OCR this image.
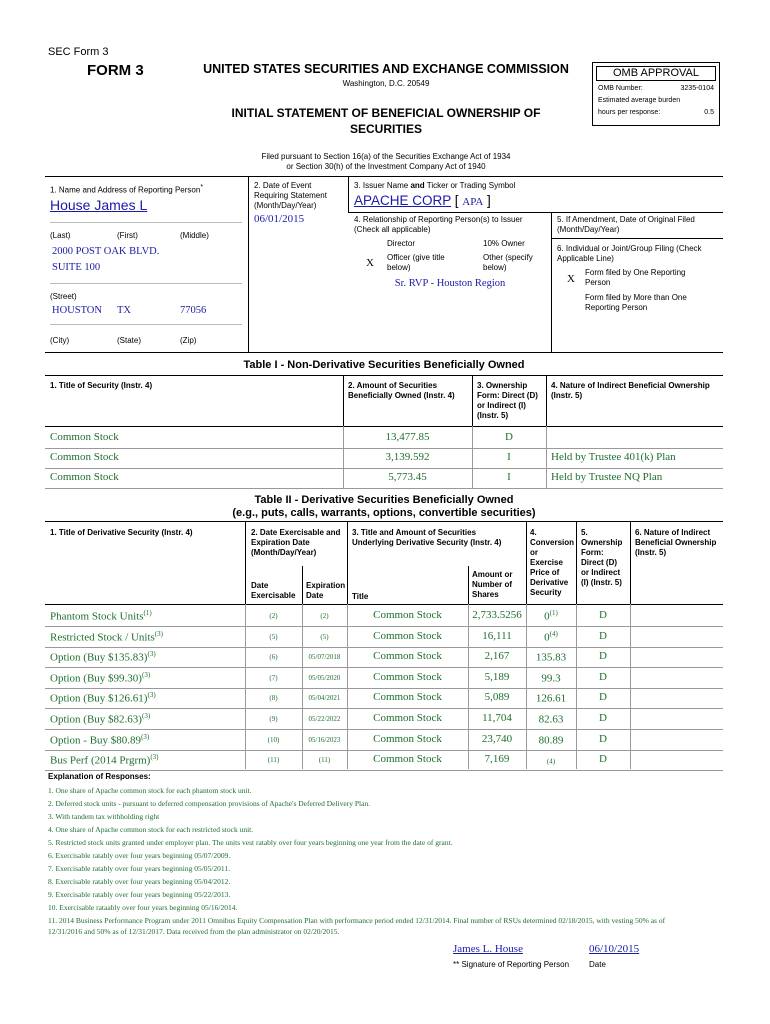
SEC Form 3
FORM 3	UNITED STATES SECURITIES AND EXCHANGE COMMISSION
Washington, D.C. 20549
INITIAL STATEMENT OF BENEFICIAL OWNERSHIP OF
SECURITIES
Filed pursuant to Section 16(a) of the Securities Exchange Act of 1934
or Section 30(h) of the Investment Company Act of 1940
OMB APPROVAL
OMB Number:	3235-0104
Estimated average burden
hours per response:	0.5
1. Name and Address of Reporting Person*
House James L
(Last)	(First)	(Middle)
2000 POST OAK BLVD.
SUITE 100
(Street)
HOUSTON TX	77056
(City)	(State)	(Zip)
2. Date of Event
Requiring Statement
(Month/Day/Year)
06/01/2015
3. Issuer Name and Ticker or Trading Symbol
APACHE CORP [ APA ]
4. Relationship of Reporting Person(s) to Issuer
(Check all applicable)
Director	10% Owner
X Officer (give title
below)
Other (specify
below)
Sr. RVP - Houston Region
5. If Amendment, Date of Original Filed
(Month/Day/Year)
6. Individual or Joint/Group Filing (Check
Applicable Line)
X
Form filed by One Reporting
Person
Form filed by More than One
Reporting Person
Table I - Non-Derivative Securities Beneficially Owned
1. Title of Security (Instr. 4)	2. Amount of Securities
Beneficially Owned (Instr. 4)
3. Ownership
Form: Direct (D)
or Indirect (I)
(Instr. 5)
4. Nature of Indirect Beneficial Ownership
(Instr. 5)
Common Stock	13,477.85	D
Common Stock	3,139.592	I	Held by Trustee 401(k) Plan
Common Stock	5,773.45	I	Held by Trustee NQ Plan
Table II - Derivative Securities Beneficially Owned
(e.g., puts, calls, warrants, options, convertible securities)
1. Title of Derivative Security (Instr. 4)	2. Date Exercisable and
Expiration Date
(Month/Day/Year)
3. Title and Amount of Securities
Underlying Derivative Security (Instr. 4)
4.
Conversion
or
Exercise
Price of
Derivative
Security
5.
Ownership
Form:
Direct (D)
or Indirect
(I) (Instr. 5)
6. Nature of Indirect
Beneficial Ownership
(Instr. 5)
Date
Exercisable
Expiration
Date	Title
Amount or
Number of
Shares
Phantom Stock Units$^{(1)}$	(2)	(2)	Common Stock	2,733.5256	0$^{(1)}$	D
Restricted Stock / Units$^{(3)}$	(5)	(5)	Common Stock	16,111	0$^{(4)}$	D
Option (Buy $135.83)$^{(3)}$	(6)	05/07/2018	Common Stock	2,167	135.83	D
Option (Buy $99.30)$^{(3)}$	(7)	05/05/2020	Common Stock	5,189	99.3	D
Option (Buy $126.61)$^{(3)}$	(8)	05/04/2021	Common Stock	5,089	126.61	D
Option (Buy $82.63)$^{(3)}$	(9)	05/22/2022	Common Stock	11,704	82.63	D
Option - Buy $80.89$^{(3)}$	(10)	05/16/2023	Common Stock	23,740	80.89	D
Bus Perf (2014 Prgrm)$^{(3)}$	(11)	(11)	Common Stock	7,169	(4)	D
Explanation of Responses:
1. One share of Apache common stock for each phantom stock unit.
2. Deferred stock units - pursuant to deferred compensation provisions of Apache's Deferred Delivery Plan.
3. With tandem tax withholding right
4. One share of Apache common stock for each restricted stock unit.
5. Restricted stock units granted under employer plan. The units vest ratably over four years beginning one year from the date of grant.
6. Exercisable ratably over four years beginning 05/07/2009.
7. Exercisable ratably over four years beginning 05/05/2011.
8. Exercisable ratably over four years beginning 05/04/2012.
9. Exercisable ratably over four years beginning 05/22/2013.
10. Exercisable rataably over four years beginning 05/16/2014.
11. 2014 Business Performance Program under 2011 Omnibus Equity Compensation Plan with performance period ended 12/31/2014. Final number of RSUs determined 02/18/2015, with vesting 50% as of
12/31/2016 and 50% as of 12/31/2017. Data received from the plan administrator on 02/20/2015.
James L. House	06/10/2015
** Signature of Reporting Person Date
